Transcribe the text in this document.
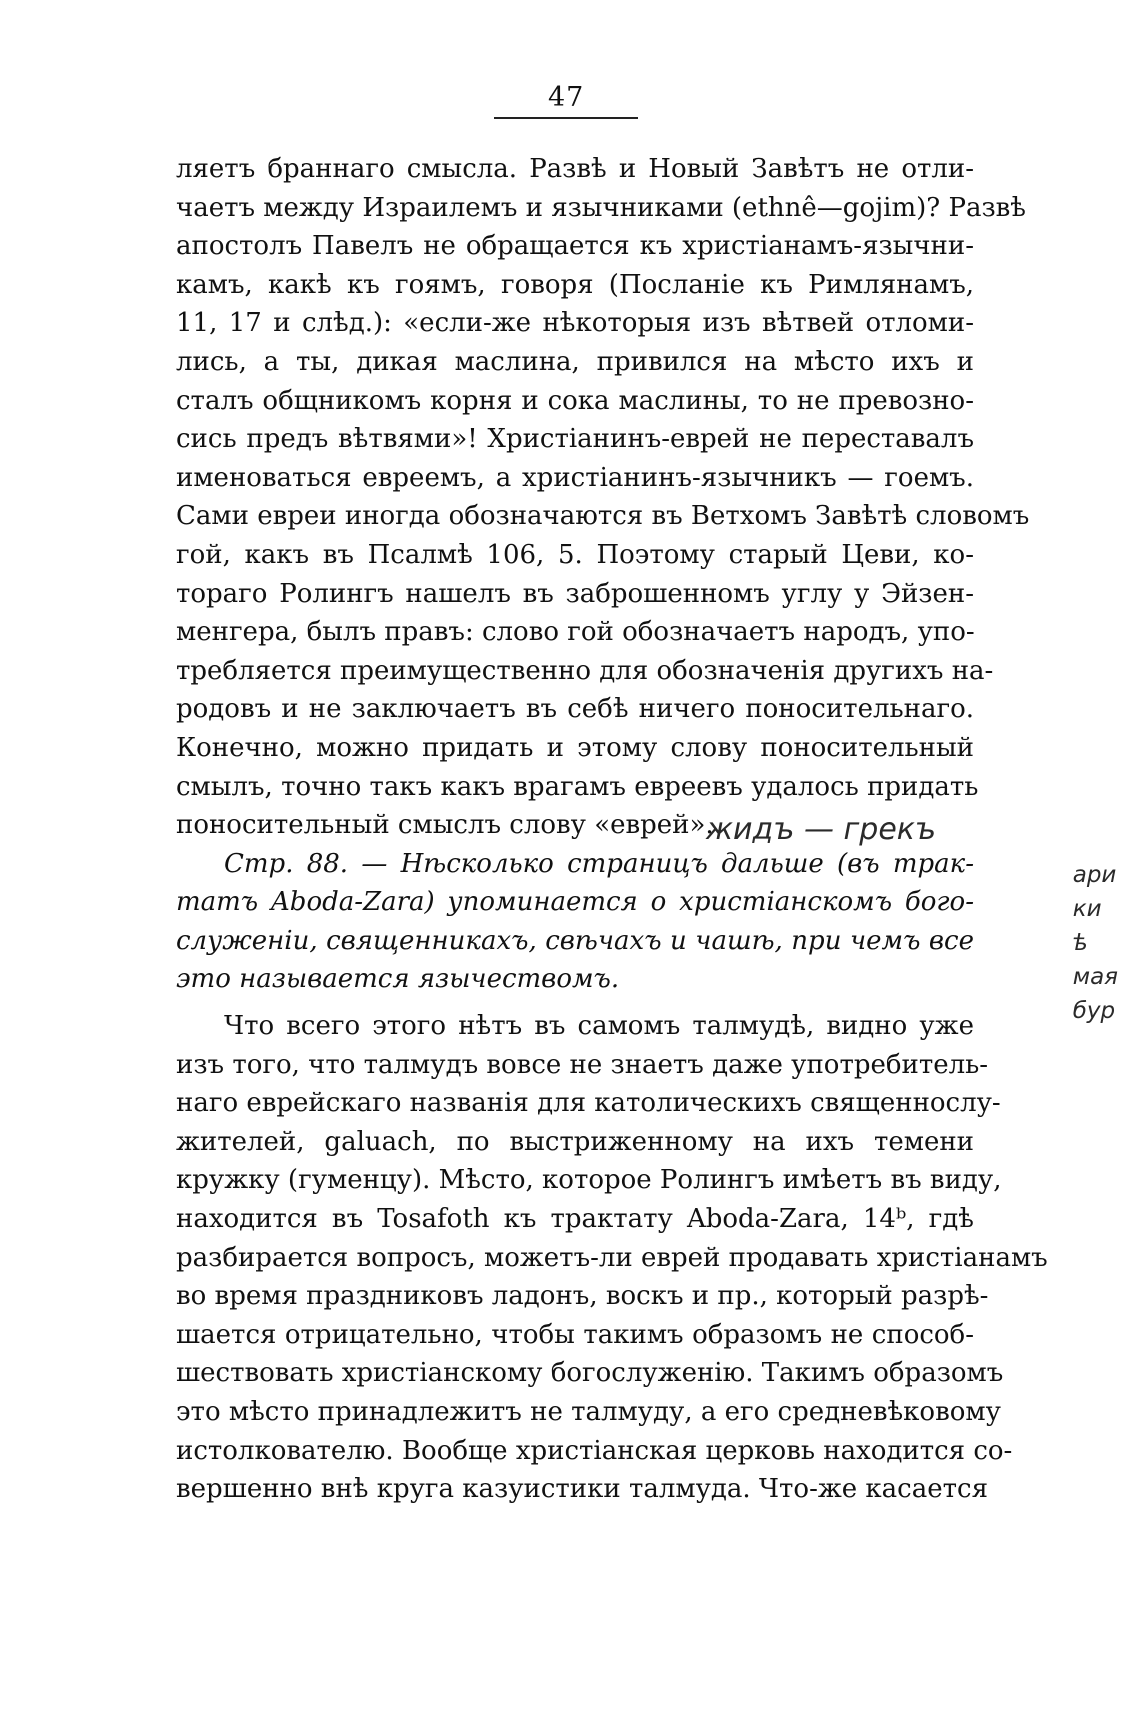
47
ляетъ браннаго смысла. Развѣ и Новый Завѣтъ не отли-
чаетъ между Израилемъ и язычниками (ethnê—gojim)? Развѣ
апостолъ Павелъ не обращается къ христіанамъ-язычни-
камъ, какѣ къ гоямъ, говоря (Посланіе къ Римлянамъ,
11, 17 и слѣд.): «если-же нѣкоторыя изъ вѣтвей отломи-
лись, а ты, дикая маслина, привился на мѣсто ихъ и
сталъ общникомъ корня и сока маслины, то не превозно-
сись предъ вѣтвями»! Христіанинъ-еврей не переставалъ
именоваться евреемъ, а христіанинъ-язычникъ — гоемъ.
Сами евреи иногда обозначаются въ Ветхомъ Завѣтѣ словомъ
гой, какъ въ Псалмѣ 106, 5. Поэтому старый Цеви, ко-
тораго Ролингъ нашелъ въ заброшенномъ углу у Эйзен-
менгера, былъ правъ: слово гой обозначаетъ народъ, упо-
требляется преимущественно для обозначенія другихъ на-
родовъ и не заключаетъ въ себѣ ничего поносительнаго.
Конечно, можно придать и этому слову поносительный
смылъ, точно такъ какъ врагамъ евреевъ удалось придать
поносительный смыслъ слову «еврей».
Стр. 88. — Нѣсколько страницъ дальше (въ трак-
татъ Aboda-Zara) упоминается о христіанскомъ бого-
служеніи, священникахъ, свѣчахъ и чашѣ, при чемъ все
это называется язычествомъ.
Что всего этого нѣтъ въ самомъ талмудѣ, видно уже
изъ того, что талмудъ вовсе не знаетъ даже употребитель-
наго еврейскаго названія для католическихъ священнослу-
жителей, galuach, по выстриженному на ихъ темени
кружку (гуменцу). Мѣсто, которое Ролингъ имѣетъ въ виду,
находится въ Tosafoth къ трактату Aboda-Zara, 14ᵇ, гдѣ
разбирается вопросъ, можетъ-ли еврей продавать христіанамъ
во время праздниковъ ладонъ, воскъ и пр., который разрѣ-
шается отрицательно, чтобы такимъ образомъ не способ-
шествовать христіанскому богослуженію. Такимъ образомъ
это мѣсто принадлежитъ не талмуду, а его средневѣковому
истолкователю. Вообще христіанская церковь находится со-
вершенно внѣ круга казуистики талмуда. Что-же касается
жидъ — грекъ
ари
ки
ѣ
мая
бур
